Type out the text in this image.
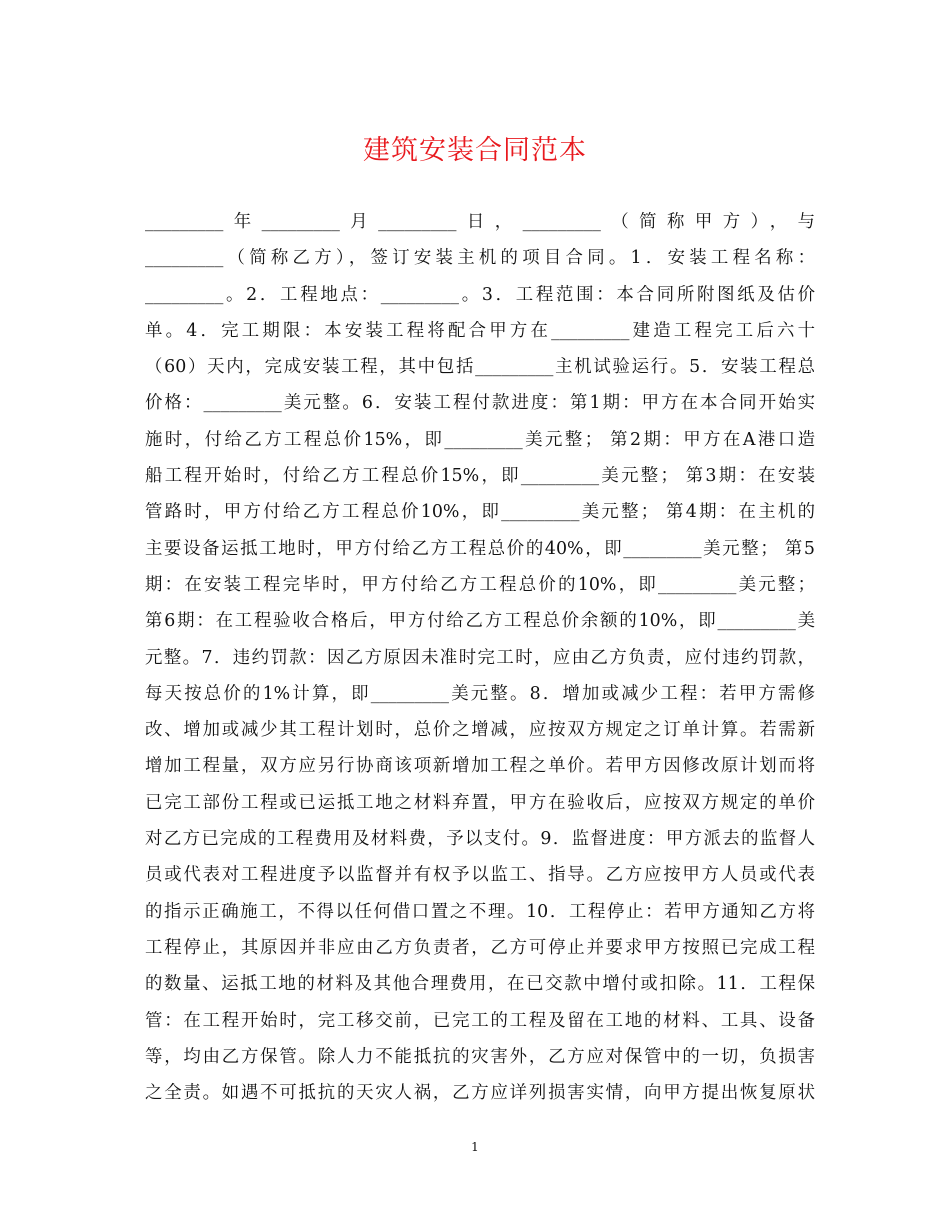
建筑安装合同范本
_________年_________月_________日，_________（简称甲方），与
_________（简称乙方），签订安装主机的项目合同。1．安装工程名称：
_________。2．工程地点：_________。3．工程范围：本合同所附图纸及估价
单。4．完工期限：本安装工程将配合甲方在_________建造工程完工后六十
（60）天内，完成安装工程，其中包括_________主机试验运行。5．安装工程总
价格：_________美元整。6．安装工程付款进度：第1期：甲方在本合同开始实
施时，付给乙方工程总价15%，即_________美元整； 第2期：甲方在A港口造
船工程开始时，付给乙方工程总价15%，即_________美元整； 第3期：在安装
管路时，甲方付给乙方工程总价10%，即_________美元整； 第4期：在主机的
主要设备运抵工地时，甲方付给乙方工程总价的40%，即_________美元整； 第5
期：在安装工程完毕时，甲方付给乙方工程总价的10%，即_________美元整；
第6期：在工程验收合格后，甲方付给乙方工程总价余额的10%，即_________美
元整。7．违约罚款：因乙方原因未准时完工时，应由乙方负责，应付违约罚款，
每天按总价的1%计算，即_________美元整。8．增加或减少工程：若甲方需修
改、增加或减少其工程计划时，总价之增减，应按双方规定之订单计算。若需新
增加工程量，双方应另行协商该项新增加工程之单价。若甲方因修改原计划而将
已完工部份工程或已运抵工地之材料弃置，甲方在验收后，应按双方规定的单价
对乙方已完成的工程费用及材料费，予以支付。9．监督进度：甲方派去的监督人
员或代表对工程进度予以监督并有权予以监工、指导。乙方应按甲方人员或代表
的指示正确施工，不得以任何借口置之不理。10．工程停止：若甲方通知乙方将
工程停止，其原因并非应由乙方负责者，乙方可停止并要求甲方按照已完成工程
的数量、运抵工地的材料及其他合理费用，在已交款中增付或扣除。11．工程保
管：在工程开始时，完工移交前，已完工的工程及留在工地的材料、工具、设备
等，均由乙方保管。除人力不能抵抗的灾害外，乙方应对保管中的一切，负损害
之全责。如遇不可抵抗的天灾人祸，乙方应详列损害实情，向甲方提出恢复原状
1
